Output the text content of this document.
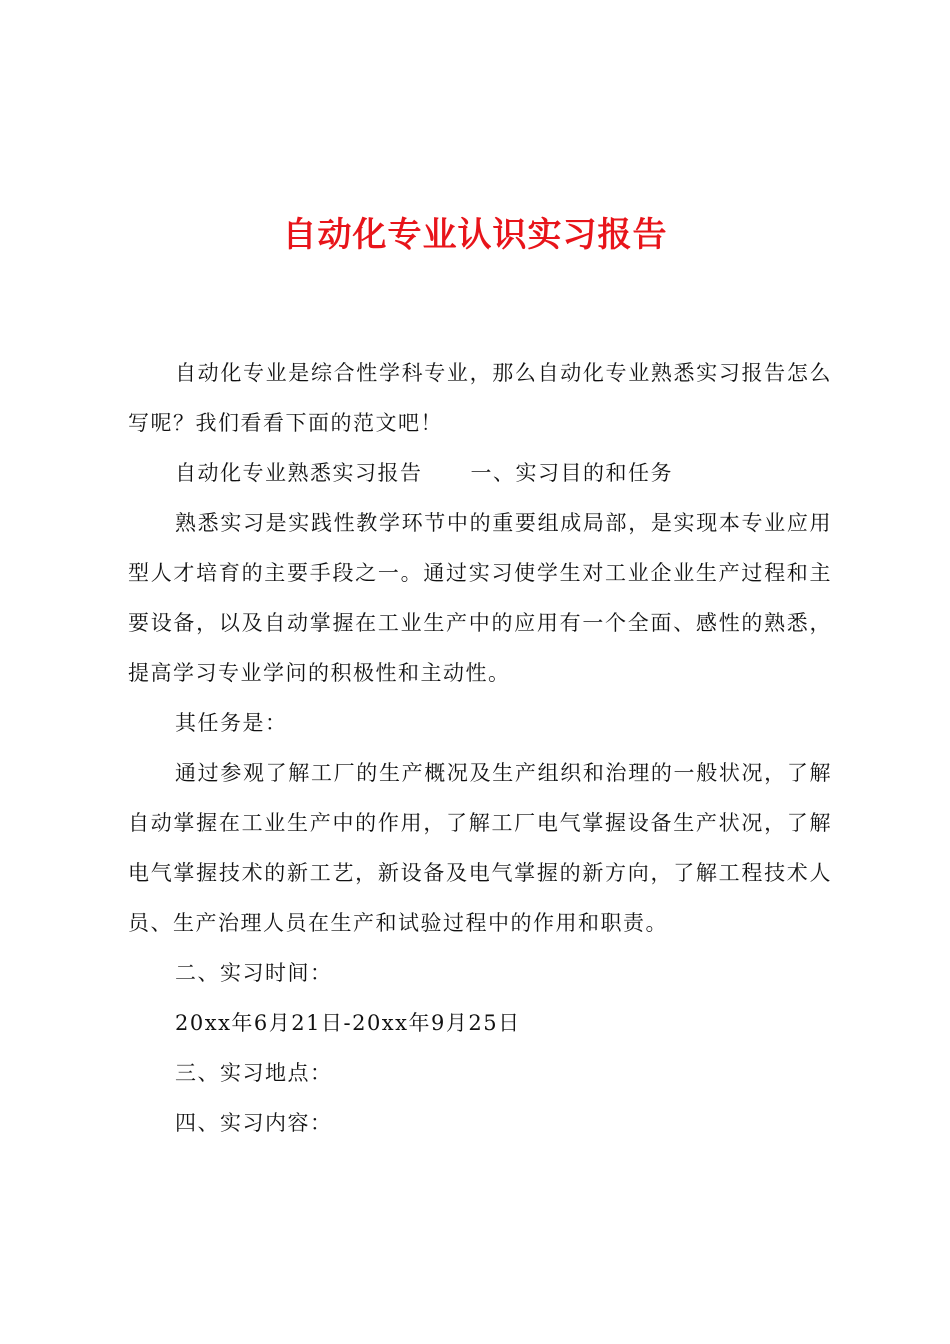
自动化专业认识实习报告

自动化专业是综合性学科专业，那么自动化专业熟悉实习报告怎么写呢？我们看看下面的范文吧！

自动化专业熟悉实习报告 一、实习目的和任务

熟悉实习是实践性教学环节中的重要组成局部，是实现本专业应用型人才培育的主要手段之一。通过实习使学生对工业企业生产过程和主要设备，以及自动掌握在工业生产中的应用有一个全面、感性的熟悉，提高学习专业学问的积极性和主动性。

其任务是：

通过参观了解工厂的生产概况及生产组织和治理的一般状况，了解自动掌握在工业生产中的作用，了解工厂电气掌握设备生产状况，了解电气掌握技术的新工艺，新设备及电气掌握的新方向，了解工程技术人员、生产治理人员在生产和试验过程中的作用和职责。

二、实习时间：

20xx年6月21日-20xx年9月25日

三、实习地点：

四、实习内容：
